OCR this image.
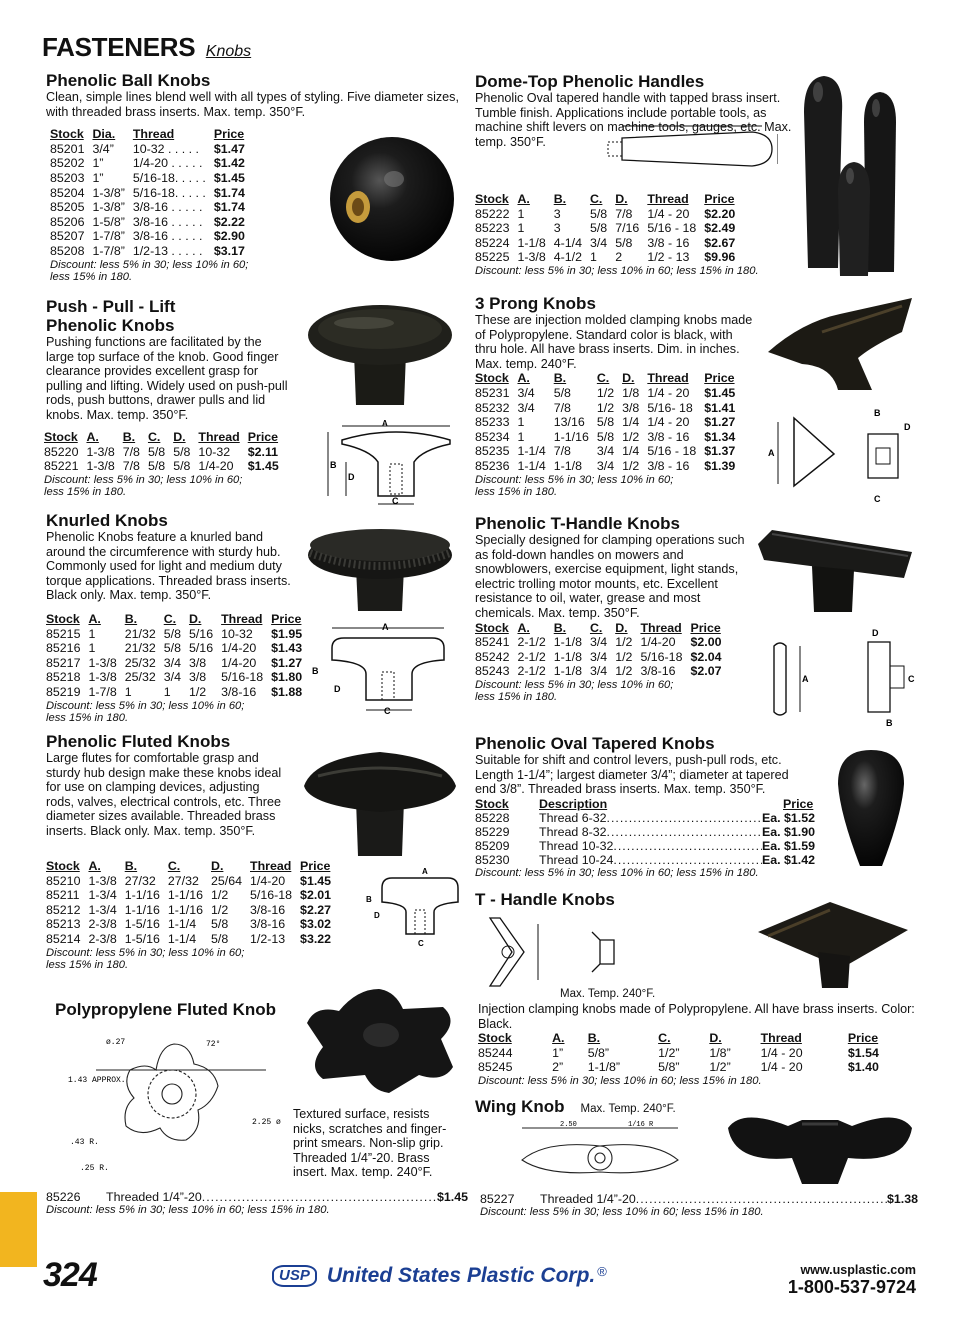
FASTENERS Knobs
Phenolic Ball Knobs
Clean, simple lines blend well with all types of styling. Five diameter sizes, with threaded brass inserts. Max. temp. 350°F.
Stock	Dia.	Thread	Price
85201	3/4”	10-32 . . . . .	$1.47
85202	1”	1/4-20 . . . . .	$1.42
85203	1”	5/16-18. . . . .	$1.45
85204	1-3/8”	5/16-18. . . . .	$1.74
85205	1-3/8”	3/8-16 . . . . .	$1.74
85206	1-5/8”	3/8-16 . . . . .	$2.22
85207	1-7/8”	3/8-16 . . . . .	$2.90
85208	1-7/8”	1/2-13 . . . . .	$3.17
Discount: less 5% in 30; less 10% in 60; less 15% in 180.
Dome-Top Phenolic Handles
Phenolic Oval tapered handle with tapped brass insert. Tumble finish. Applications include portable tools, as machine shift levers on machine tools, gauges, etc. Max. temp. 350°F.
Stock	A.	B.	C.	D.	Thread	Price
85222	1	3	5/8	7/8	1/4 - 20	$2.20
85223	1	3	5/8	7/16	5/16 - 18	$2.49
85224	1-1/8	4-1/4	3/4	5/8	3/8 - 16	$2.67
85225	1-3/8	4-1/2	1	2	1/2 - 13	$9.96
Discount: less 5% in 30; less 10% in 60; less 15% in 180.
Push - Pull - Lift
Phenolic Knobs
Pushing functions are facilitated by the large top surface of the knob. Good finger clearance provides excellent grasp for pulling and lifting. Widely used on push-pull rods, push buttons, drawer pulls and lid knobs. Max. temp. 350°F.
Stock	A.	B.	C.	D.	Thread	Price
85220	1-3/8	7/8	5/8	5/8	10-32	$2.11
85221	1-3/8	7/8	5/8	5/8	1/4-20	$1.45
Discount: less 5% in 30; less 10% in 60; less 15% in 180.
A
B
D
C
3 Prong Knobs
These are injection molded clamping knobs made of Polypropylene. Standard color is black, with thru hole. All have brass inserts. Dim. in inches. Max. temp. 240°F.
Stock	A.	B.	C.	D.	Thread	Price
85231	3/4	5/8	1/2	1/8	1/4 - 20	$1.45
85232	3/4	7/8	1/2	3/8	5/16- 18	$1.41
85233	1	13/16	5/8	1/4	1/4 - 20	$1.27
85234	1	1-1/16	5/8	1/2	3/8 - 16	$1.34
85235	1-1/4	7/8	3/4	1/4	5/16 - 18	$1.37
85236	1-1/4	1-1/8	3/4	1/2	3/8 - 16	$1.39
Discount: less 5% in 30; less 10% in 60; less 15% in 180.
A
B
D
C
Knurled Knobs
Phenolic Knobs feature a knurled band around the circumference with sturdy hub. Commonly used for light and medium duty torque applications. Threaded brass inserts. Black only. Max. temp. 350°F.
Stock	A.	B.	C.	D.	Thread	Price
85215	1	21/32	5/8	5/16	10-32	$1.95
85216	1	21/32	5/8	5/16	1/4-20	$1.43
85217	1-3/8	25/32	3/4	3/8	1/4-20	$1.27
85218	1-3/8	25/32	3/4	3/8	5/16-18	$1.80
85219	1-7/8	1	1	1/2	3/8-16	$1.88
Discount: less 5% in 30; less 10% in 60; less 15% in 180.
A
B
D
C
Phenolic T-Handle Knobs
Specially designed for clamping operations such as fold-down handles on mowers and snowblowers, exercise equipment, light stands, electric trolling motor mounts, etc. Excellent resistance to oil, water, grease and most chemicals. Max. temp. 350°F.
Stock	A.	B.	C.	D.	Thread	Price
85241	2-1/2	1-1/8	3/4	1/2	1/4-20	$2.00
85242	2-1/2	1-1/8	3/4	1/2	5/16-18	$2.04
85243	2-1/2	1-1/8	3/4	1/2	3/8-16	$2.07
Discount: less 5% in 30; less 10% in 60; less 15% in 180.
A
D
C
B
Phenolic Fluted Knobs
Large flutes for comfortable grasp and sturdy hub design make these knobs ideal for use on clamping devices, adjusting rods, valves, electrical controls, etc. Three diameter sizes available. Threaded brass inserts. Black only. Max. temp. 350°F.
Stock	A.	B.	C.	D.	Thread	Price
85210	1-3/8	27/32	27/32	25/64	1/4-20	$1.45
85211	1-3/4	1-1/16	1-1/16	1/2	5/16-18	$2.01
85212	1-3/4	1-1/16	1-1/16	1/2	3/8-16	$2.27
85213	2-3/8	1-5/16	1-1/4	5/8	3/8-16	$3.02
85214	2-3/8	1-5/16	1-1/4	5/8	1/2-13	$3.22
Discount: less 5% in 30; less 10% in 60; less 15% in 180.
A
B
D
C
Phenolic Oval Tapered Knobs
Suitable for shift and control levers, push-pull rods, etc. Length 1-1/4”; largest diameter 3/4”; diameter at tapered end 3/8”. Threaded brass inserts. Max. temp. 350°F.
Stock	Description	Price
85228	Thread 6-32 .....	Ea. $1.52
85229	Thread 8-32 .....	Ea. $1.90
85209	Thread 10-32 .....	Ea. $1.59
85230	Thread 10-24 .....	Ea. $1.42
Discount: less 5% in 30; less 10% in 60; less 15% in 180.
T - Handle Knobs
Max. Temp. 240°F.
Injection clamping knobs made of Polypropylene. All have brass inserts. Color: Black.
Stock	A.	B.	C.	D.	Thread	Price
85244	1”	5/8”	1/2”	1/8”	1/4 - 20	$1.54
85245	2”	1-1/8”	5/8”	1/2”	1/4 - 20	$1.40
Discount: less 5% in 30; less 10% in 60; less 15% in 180.
Polypropylene Fluted Knob
ø.27	72°
1.43 APPROX.
2.25 ø
.43 R.
.25 R.
Textured surface, resists nicks, scratches and finger-print smears. Non-slip grip. Threaded 1/4”-20. Brass insert. Max. temp. 240°F.
85226	Threaded 1/4”-20 .....	$1.45
Discount: less 5% in 30; less 10% in 60; less 15% in 180.
Wing Knob Max. Temp. 240°F.
2.50	1/16 R
85227	Threaded 1/4”-20 .....	$1.38
Discount: less 5% in 30; less 10% in 60; less 15% in 180.
324	USP United States Plastic Corp. ®	www.usplastic.com
1-800-537-9724
